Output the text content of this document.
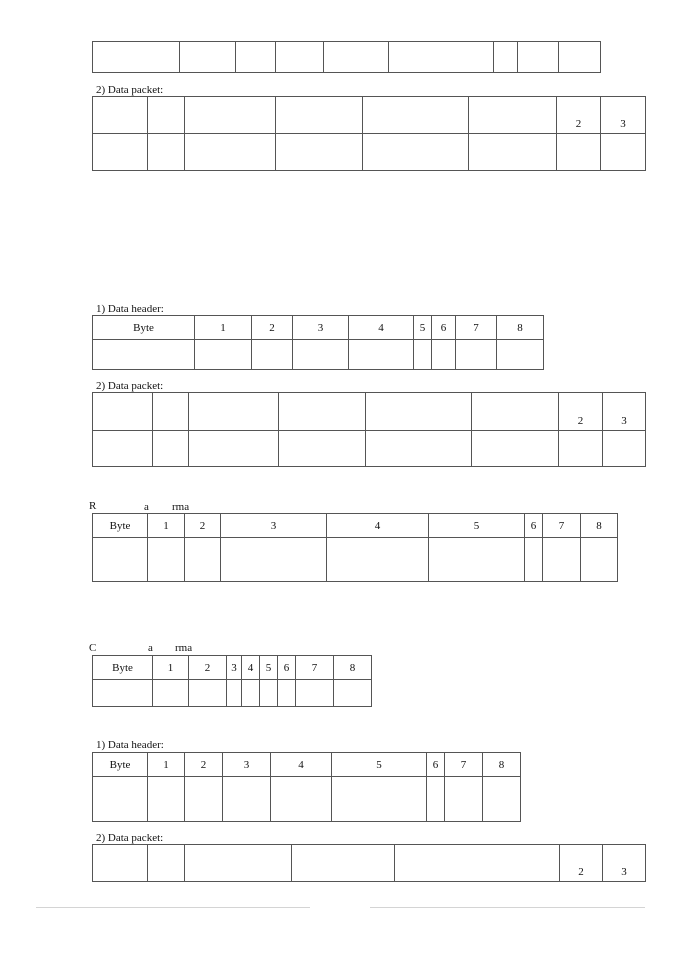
2) Data packet:
						2	3

1) Data header:
Byte	1	2	3	4	5	6	7	8

2) Data packet:
						2	3

R	a rma
Byte	1	2	3	4	5	6	7	8

C	a rma
Byte	1	2	3	4	5	6	7	8

1) Data header:
Byte	1	2	3	4	5	6	7	8

2) Data packet:
					2	3
